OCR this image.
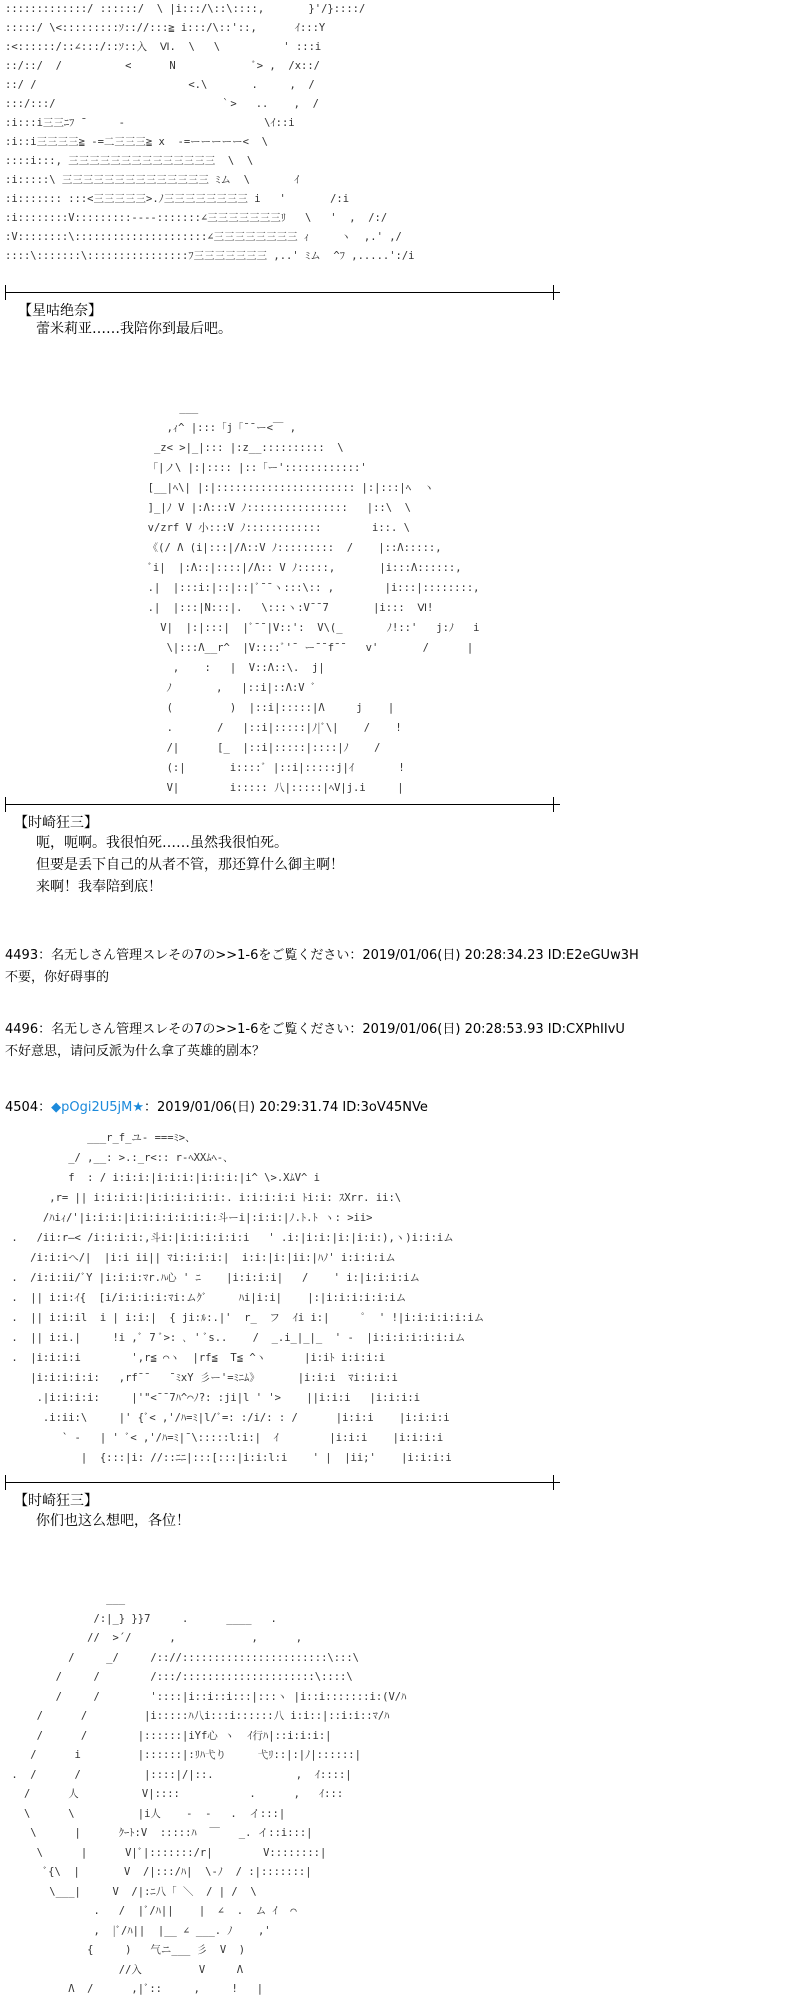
:::::::::::::/ ::::::/  \ |i:::/\::\::::,       }'/}::::/
:::::/ \<:::::::::ｿ:://:::≧ i:::/\::'::,      ｲ:::Y
:<::::::/::∠:::/::ｿ::入  Ⅵ.  \   \          ' :::i
::/::/  /          <      N            ﾞ> ,  /x::/
::/ /                        <.\       .     ,  /
:::/:::/                          ｀>   ..    ,  /
:i:::i三三ﾆﾌ ¯     -                      \ｲ::i
:i::i三三三三≧ -=二三三三≧ x  -=ーーーーー<  \
::::i:::, 三三三三三三三三三三三三三三  \  \
:i:::::\ 三三三三三三三三三三三三三三 ﾐム  \       ｲ
:i::::::: :::<三三三三三>.ﾉ三三三三三三三三 i   '       /:i
:i::::::::V:::::::::----:::::::∠三三三三三三三ﾘ   \   '  ,  /:/
:V::::::::\:::::::::::::::::::::∠三三三三三三三三 ｨ     ヽ  ,.' ,/
::::\:::::::\::::::::::::::::ﾌ三三三三三三三 ,..' ﾐム  ^ﾌ ,.....':/i
【星咕绝奈】
蕾米莉亚……我陪你到最后吧。
___
,ｨ^ |:::「j「¯¯ー<￣ ,
_z< >|_|::: |:z__::::::::::  \
「|ノ\ |:|:::: |::「ー'::::::::::::'
[__|ﾍ\| |:|:::::::::::::::::::::: |:|:::|ﾍ  ヽ
]_|ﾉ V |:Λ:::V ﾉ::::::::::::::::   |::\  \
v/zrf V 小:::V ﾉ::::::::::::        i::. \
《(/ Λ (i|:::|/Λ::V ﾉ:::::::::  /    |::Λ:::::,
ﾞi|  |:Λ::|::::|/Λ:: V ﾉ:::::,       |i:::Λ::::::,
.|  |:::i:|::|::|ﾞ¯¯ヽ:::\:: ,        |i:::|::::::::,
.|  |:::|N:::|.   \:::ヽ:V¯¯7       |i:::  Ⅵ!
V|  |:|:::|  |ﾞ¯¯|V::':  V\(_       ﾉ!::'   j:ﾉ   i
\|:::Λ__r^  |V::::ﾞ'¯ ー¯¯f¯¯   v'       /      |
,    :   |  V::Λ::\.  j|
ﾉ       ,   |::i|::Λ:V ﾞ
(         )  |::i|:::::|Λ     j    |
.       /   |::i|:::::|ﾉ|ﾞ\|    /    !
/|      [_  |::i|:::::|::::|ﾉ    /
(:|       i::::ﾞ |::i|:::::j|ｲ       !
V|        i::::: 八|:::::|ﾍV|j.i     |
【时崎狂三】
呃，呃啊。我很怕死……虽然我很怕死。
但要是丢下自己的从者不管，那还算什么御主啊！
来啊！我奉陪到底！
4493：名无しさん管理スレその7の>>1-6をご覧ください：2019/01/06(日) 20:28:34.23 ID:E2eGUw3H
不要，你好碍事的
4496：名无しさん管理スレその7の>>1-6をご覧ください：2019/01/06(日) 20:28:53.93 ID:CXPhIIvU
不好意思，请问反派为什么拿了英雄的剧本？
4504：◆pOgi2U5jM★：2019/01/06(日) 20:29:31.74 ID:3oV45NVe
___r_f_ユ- ===ﾐ>、
_/ ,__: >.:_r<:: r-ﾍXXﾑﾍ-、
f  : / i:i:i:|i:i:i:|i:i:i:|i^ \>.XﾑV^ i
,r= || i:i:i:i:|i:i:i:i:i:i:. i:i:i:i:i ﾄi:i: ｽXrr. ii:\
/ﾊiｨ/'|i:i:i:|i:i:i:i:i:i:i:斗ーi|:i:i:|ﾉ.ﾄ.ﾄ ヽ: >ii>
.   /ii:r―< /i:i:i:i:,斗i:|i:i:i:i:i:i   ' .i:|i:i:|i:|i:i:),ヽ)i:i:iム
/i:i:iへ/|  |i:i ii|| ﾏi:i:i:i:|  i:i:|i:|ii:|ﾊﾉ' i:i:i:iム
.  /i:i:ii/ﾞY |i:i:i:ﾏr.ﾊ心 ' ﾆ    |i:i:i:i|   /    ' i:|i:i:i:iム
.  || i:i:ｲ{  [i/i:i:i:i:ﾏi:ムｸﾞ     ﾊi|i:i|    |:|i:i:i:i:i:iム
.  || i:i:il  i | i:i:|  { ji:ﾙ:.|'  r_  フ  ｲi i:|     ﾟ  ' !|i:i:i:i:i:iム
.  || i:i.|     !i ,ﾞ 7 ﾞ>: ､ ' ﾞs..    /  _.i_|_|_  ' -  |i:i:i:i:i:i:iム
.  |i:i:i:i        ',r≦ ⌒ヽ  |rf≦  T≦ ^ヽ      |i:iﾄ i:i:i:i
|i:i:i:i:i:   ,rf¯¯   ¯ﾐxY 彡ー'=ﾐﾆﾑ》      |i:i:i  ﾏi:i:i:i
.|i:i:i:i:     |'"<¯¯7ﾊ^⌒ﾉ?: :ji|l ' '>    ||i:i:i   |i:i:i:i
.i:ii:\     |' {ﾞ< ,'/ﾊ=ﾐ|l/ﾞ=: :/i/: : /      |i:i:i    |i:i:i:i
` -   | ' ﾞ< ,'/ﾊ=ﾐ|¯\:::::l:i:|  ｲ        |i:i:i    |i:i:i:i
|  {:::|i: //::ﾆﾆ|:::[:::|i:i:l:i    ' |  |ii;'    |i:i:i:i
【时崎狂三】
你们也这么想吧，各位！
___
/:|_} }}7     .      ____   .
//  >´/      ,            ,      ,
/     _/     /:://:::::::::::::::::::::::\:::\
/     /        /:::/:::::::::::::::::::::\::::\
/     /        '::::|i::i::i:::|:::ヽ |i::i:::::::i:(V/ﾊ
/      /         |i:::::ﾊ八i:::i::::::八 i:i::|::i:i::ﾏ/ﾊ
/      /        |::::::|iYf心 ヽ  ｲ行ﾊ|::i:i:i:|
/      i         |::::::|:ﾘﾊ弋り     弋ﾘ::|:|ﾉ|::::::|
.  /      /          |::::|/|::.             ,  ｲ::::|
/      人          V|::::           .      ,   ｲ:::
\      \          |i人    -  -   .  イ:::|
\      |      ｸｰﾄ:V  :::::ﾊ  ￣   _. イ::i:::|
\      |      V|ﾞ|:::::::/r|        V::::::::|
ﾞ{\  |       V  /|:::/ﾊ|  \-ﾉ  / :|:::::::|
\___|     V  /|:ﾆ八「 ＼  / | /  \
.   /  |ﾞ/ﾊ||    |  ∠  .  ム ｲ  ⌒
,  |ﾞ/ﾊ||  |__ ∠ ___. ﾉ    ,'
{     )   气ニ___ 彡  V  )
//入         V     Λ
Λ  /      ,|ﾞ::     ,     !   |
